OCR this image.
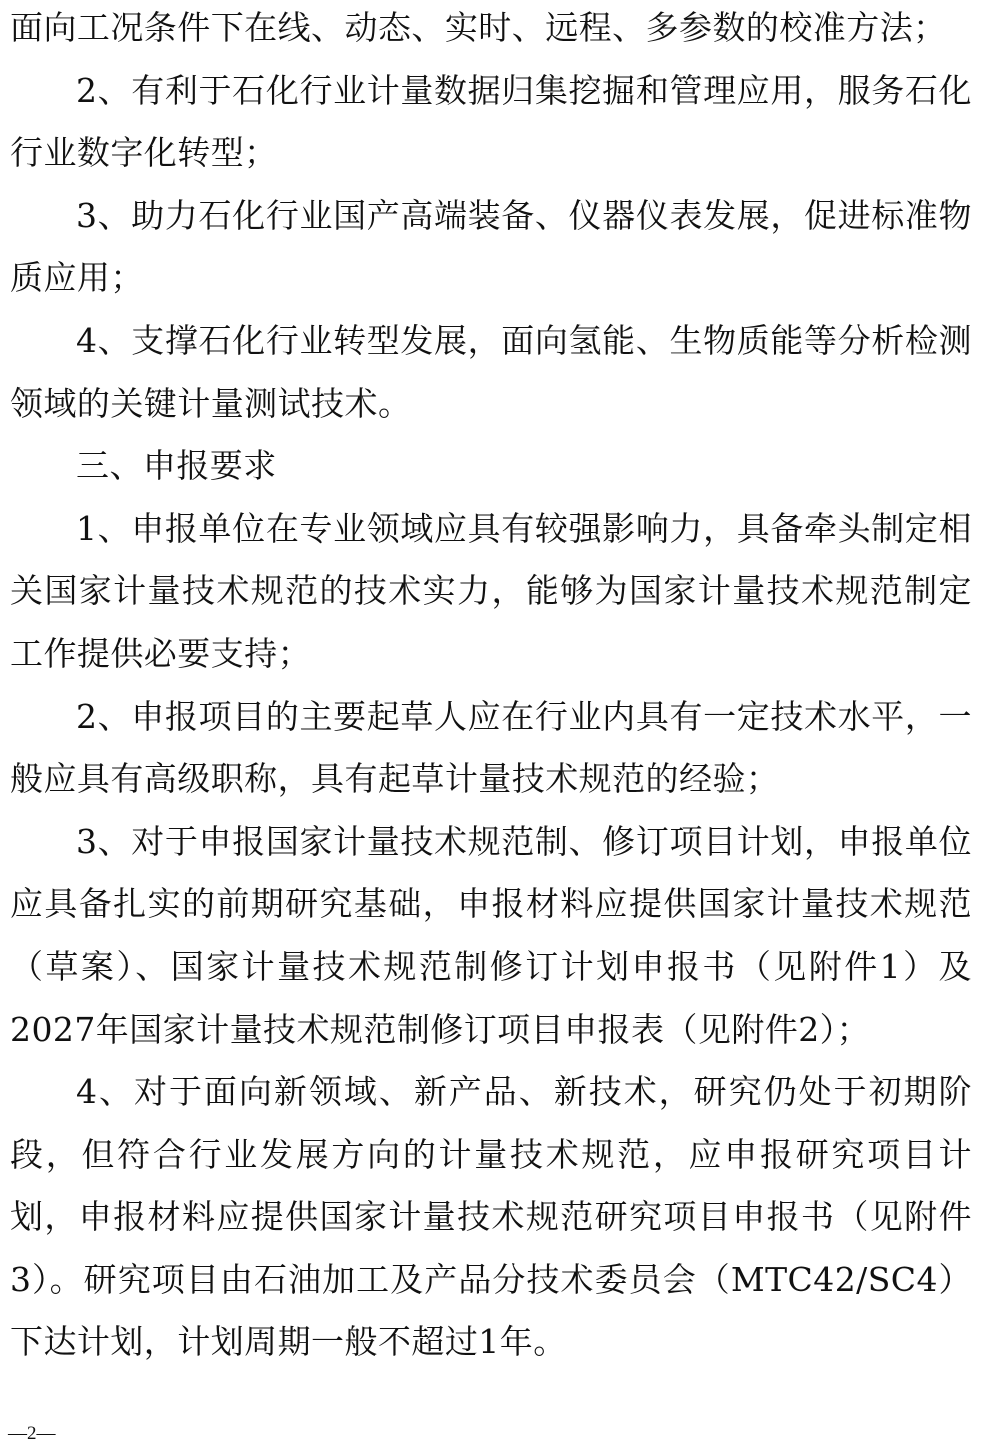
面向工况条件下在线、动态、实时、远程、多参数的校准方法；

2、有利于石化行业计量数据归集挖掘和管理应用，服务石化行业数字化转型；

3、助力石化行业国产高端装备、仪器仪表发展，促进标准物质应用；

4、支撑石化行业转型发展，面向氢能、生物质能等分析检测领域的关键计量测试技术。

三、申报要求

1、申报单位在专业领域应具有较强影响力，具备牵头制定相关国家计量技术规范的技术实力，能够为国家计量技术规范制定工作提供必要支持；

2、申报项目的主要起草人应在行业内具有一定技术水平，一般应具有高级职称，具有起草计量技术规范的经验；

3、对于申报国家计量技术规范制、修订项目计划，申报单位应具备扎实的前期研究基础，申报材料应提供国家计量技术规范（草案）、国家计量技术规范制修订计划申报书（见附件1）及2027年国家计量技术规范制修订项目申报表（见附件2）；

4、对于面向新领域、新产品、新技术，研究仍处于初期阶段，但符合行业发展方向的计量技术规范，应申报研究项目计划，申报材料应提供国家计量技术规范研究项目申报书（见附件3）。研究项目由石油加工及产品分技术委员会（MTC42/SC4）下达计划，计划周期一般不超过1年。

—2—
